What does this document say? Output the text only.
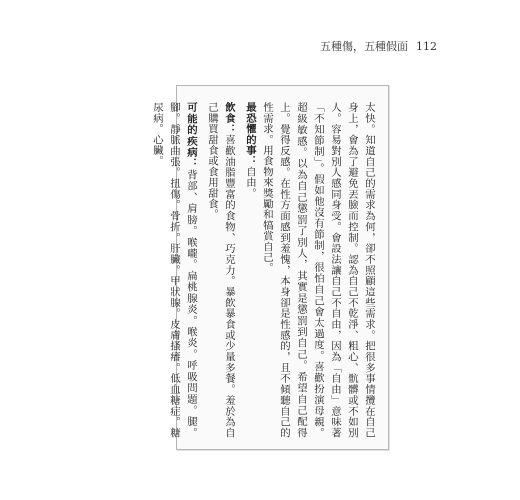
五種傷，五種假面 112

太快。知道自己的需求為何，卻不照顧這些需求。把很多事情攬在自己身上，會為了避免丟臉而控制。認為自己不乾淨、粗心、骯髒或不如別人。容易對別人感同身受。會設法讓自己不自由，因為「自由」意味著「不知節制」。假如他沒有節制，很怕自己會太過度。喜歡扮演母親。超級敏感。以為自己懲罰了別人，其實是懲罰到自己。希望自己配得上。覺得反感。在性方面感到羞愧，本身卻是性感的，且不傾聽自己的性需求。用食物來獎勵和犒賞自己。

最恐懼的事：自由。

飲食：喜歡油脂豐富的食物、巧克力。暴飲暴食或少量多餐。羞於為自己購買甜食或食用甜食。

可能的疾病：背部、肩膀。喉嚨。扁桃腺炎。喉炎。呼吸問題。腿。腳。靜脈曲張。扭傷。骨折。肝臟。甲狀腺。皮膚搔癢。低血糖症。糖尿病。心臟。
